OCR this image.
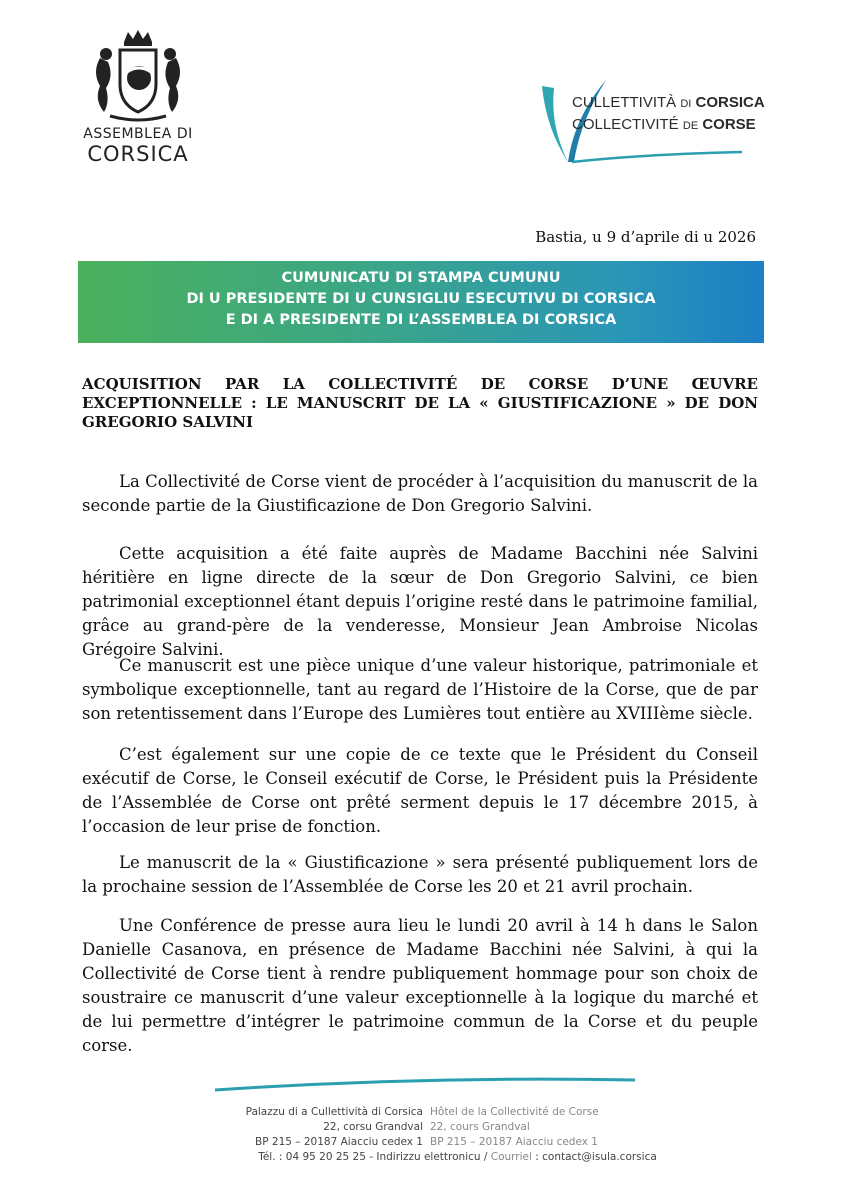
ASSEMBLEA DI
CORSICA
CULLETTIVITÀ DI CORSICA
COLLECTIVITÉ DE CORSE
Bastia, u 9 d’aprile di u 2026
CUMUNICATU DI STAMPA CUMUNU
DI U PRESIDENTE DI U CUNSIGLIU ESECUTIVU DI CORSICA
E DI A PRESIDENTE DI L’ASSEMBLEA DI CORSICA
ACQUISITION PAR LA COLLECTIVITÉ DE CORSE D’UNE ŒUVRE EXCEPTIONNELLE : LE MANUSCRIT DE LA « GIUSTIFICAZIONE » DE DON GREGORIO SALVINI
La Collectivité de Corse vient de procéder à l’acquisition du manuscrit de la seconde partie de la Giustificazione de Don Gregorio Salvini.
Cette acquisition a été faite auprès de Madame Bacchini née Salvini héritière en ligne directe de la sœur de Don Gregorio Salvini, ce bien patrimonial exceptionnel étant depuis l’origine resté dans le patrimoine familial, grâce au grand-père de la venderesse, Monsieur Jean Ambroise Nicolas Grégoire Salvini.
Ce manuscrit est une pièce unique d’une valeur historique, patrimoniale et symbolique exceptionnelle, tant au regard de l’Histoire de la Corse, que de par son retentissement dans l’Europe des Lumières tout entière au XVIIIème siècle.
C’est également sur une copie de ce texte que le Président du Conseil exécutif de Corse, le Conseil exécutif de Corse, le Président puis la Présidente de l’Assemblée de Corse ont prêté serment depuis le 17 décembre 2015, à l’occasion de leur prise de fonction.
Le manuscrit de la « Giustificazione » sera présenté publiquement lors de la prochaine session de l’Assemblée de Corse les 20 et 21 avril prochain.
Une Conférence de presse aura lieu le lundi 20 avril à 14 h dans le Salon Danielle Casanova, en présence de Madame Bacchini née Salvini, à qui la Collectivité de Corse tient à rendre publiquement hommage pour son choix de soustraire ce manuscrit d’une valeur exceptionnelle à la logique du marché et de lui permettre d’intégrer le patrimoine commun de la Corse et du peuple corse.
Palazzu di a Cullettività di Corsica
22, corsu Grandval
BP 215 – 20187 Aiacciu cedex 1
Hôtel de la Collectivité de Corse
22, cours Grandval
BP 215 – 20187 Aiacciu cedex 1
Tél. : 04 95 20 25 25 - Indirizzu elettronicu / Courriel : contact@isula.corsica
